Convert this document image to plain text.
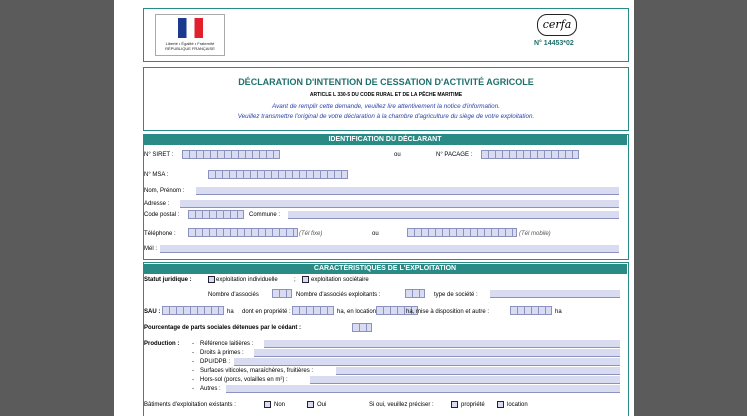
Liberté • Égalité • Fraternité
RÉPUBLIQUE FRANÇAISE
cerfa
N° 14453*02
DÉCLARATION D'INTENTION DE CESSATION D'ACTIVITÉ AGRICOLE
ARTICLE L 330-5 DU CODE RURAL ET DE LA PÊCHE MARITIME
Avant de remplir cette demande, veuillez lire attentivement la notice d'information.
Veuillez transmettre l'original de votre déclaration à la chambre d'agriculture du siège de votre exploitation.
IDENTIFICATION DU DÉCLARANT
N° SIRET :	ou	N° PACAGE :
N° MSA :
Nom, Prénom :
Adresse :
Code postal :	Commune :
Téléphone :	(Tél fixe)	ou	(Tél mobile)
Mél :
CARACTÉRISTIQUES DE L'EXPLOITATION
Statut juridique :	exploitation individuelle	;	exploitation sociétaire
Nombre d'associés	Nombre d'associés exploitants :	type de société :
SAU :	ha dont en propriété :	ha, en location	ha, mise à disposition et autre :	ha
Pourcentage de parts sociales détenues par le cédant :
Production : - Référence laitières :
- Droits à primes :
- DPU/DPB :
- Surfaces viticoles, maraîchères, fruitières :
- Hors-sol (porcs, volailles en m²) :
- Autres :
Bâtiments d'exploitation existants :	Non	Oui	Si oui, veuillez préciser :	propriété	location
